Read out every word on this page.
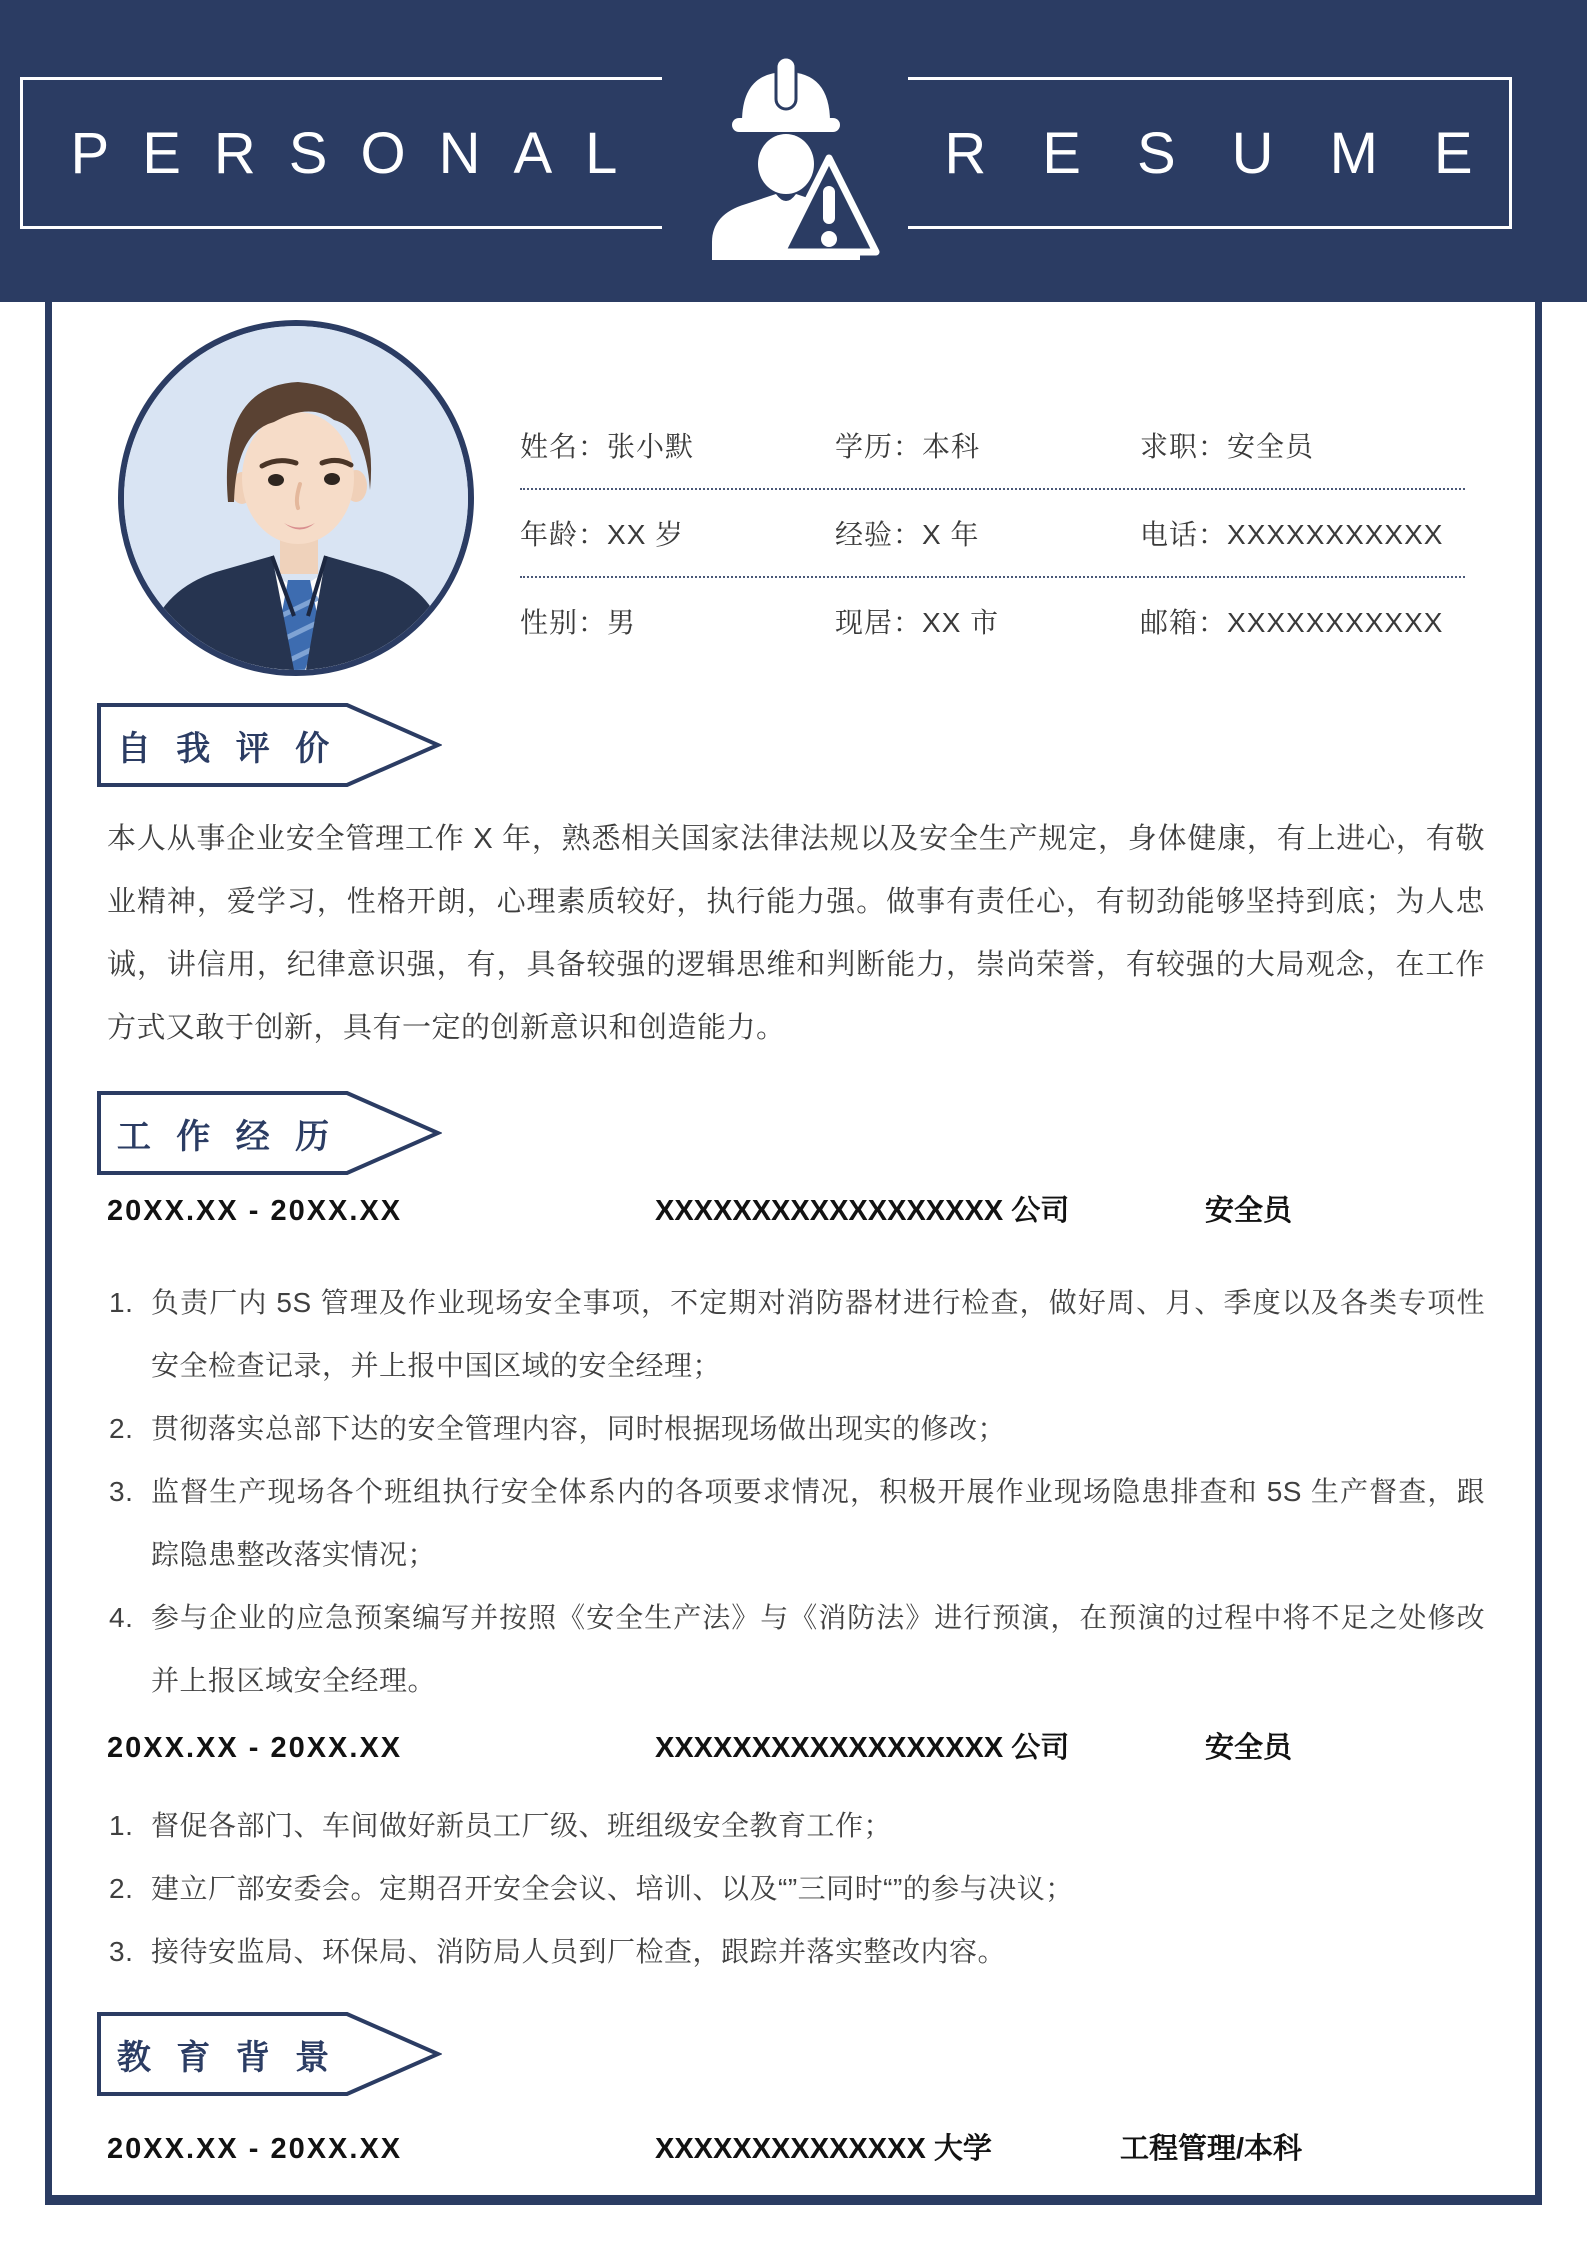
PERSONAL	RESUME
姓名：张小默	学历：本科	求职：安全员
年龄：XX 岁	经验：X 年	电话：XXXXXXXXXXX
性别：男	现居：XX 市	邮箱：XXXXXXXXXXX
自 我 评 价
本人从事企业安全管理工作 X 年，熟悉相关国家法律法规以及安全生产规定，身体健康，有上进心，有敬业精神，爱学习，性格开朗，心理素质较好，执行能力强。做事有责任心，有韧劲能够坚持到底；为人忠诚，讲信用，纪律意识强，有，具备较强的逻辑思维和判断能力，崇尚荣誉，有较强的大局观念，在工作方式又敢于创新，具有一定的创新意识和创造能力。
工 作 经 历
20XX.XX - 20XX.XX	XXXXXXXXXXXXXXXXXX 公司	安全员
负责厂内 5S 管理及作业现场安全事项，不定期对消防器材进行检查，做好周、月、季度以及各类专项性安全检查记录，并上报中国区域的安全经理；
贯彻落实总部下达的安全管理内容，同时根据现场做出现实的修改；
监督生产现场各个班组执行安全体系内的各项要求情况，积极开展作业现场隐患排查和 5S 生产督查，跟踪隐患整改落实情况；
参与企业的应急预案编写并按照《安全生产法》与《消防法》进行预演，在预演的过程中将不足之处修改并上报区域安全经理。
20XX.XX - 20XX.XX	XXXXXXXXXXXXXXXXXX 公司	安全员
督促各部门、车间做好新员工厂级、班组级安全教育工作；
建立厂部安委会。定期召开安全会议、培训、以及“”三同时“”的参与决议；
接待安监局、环保局、消防局人员到厂检查，跟踪并落实整改内容。
教 育 背 景
20XX.XX - 20XX.XX	XXXXXXXXXXXXXX 大学	工程管理/本科
